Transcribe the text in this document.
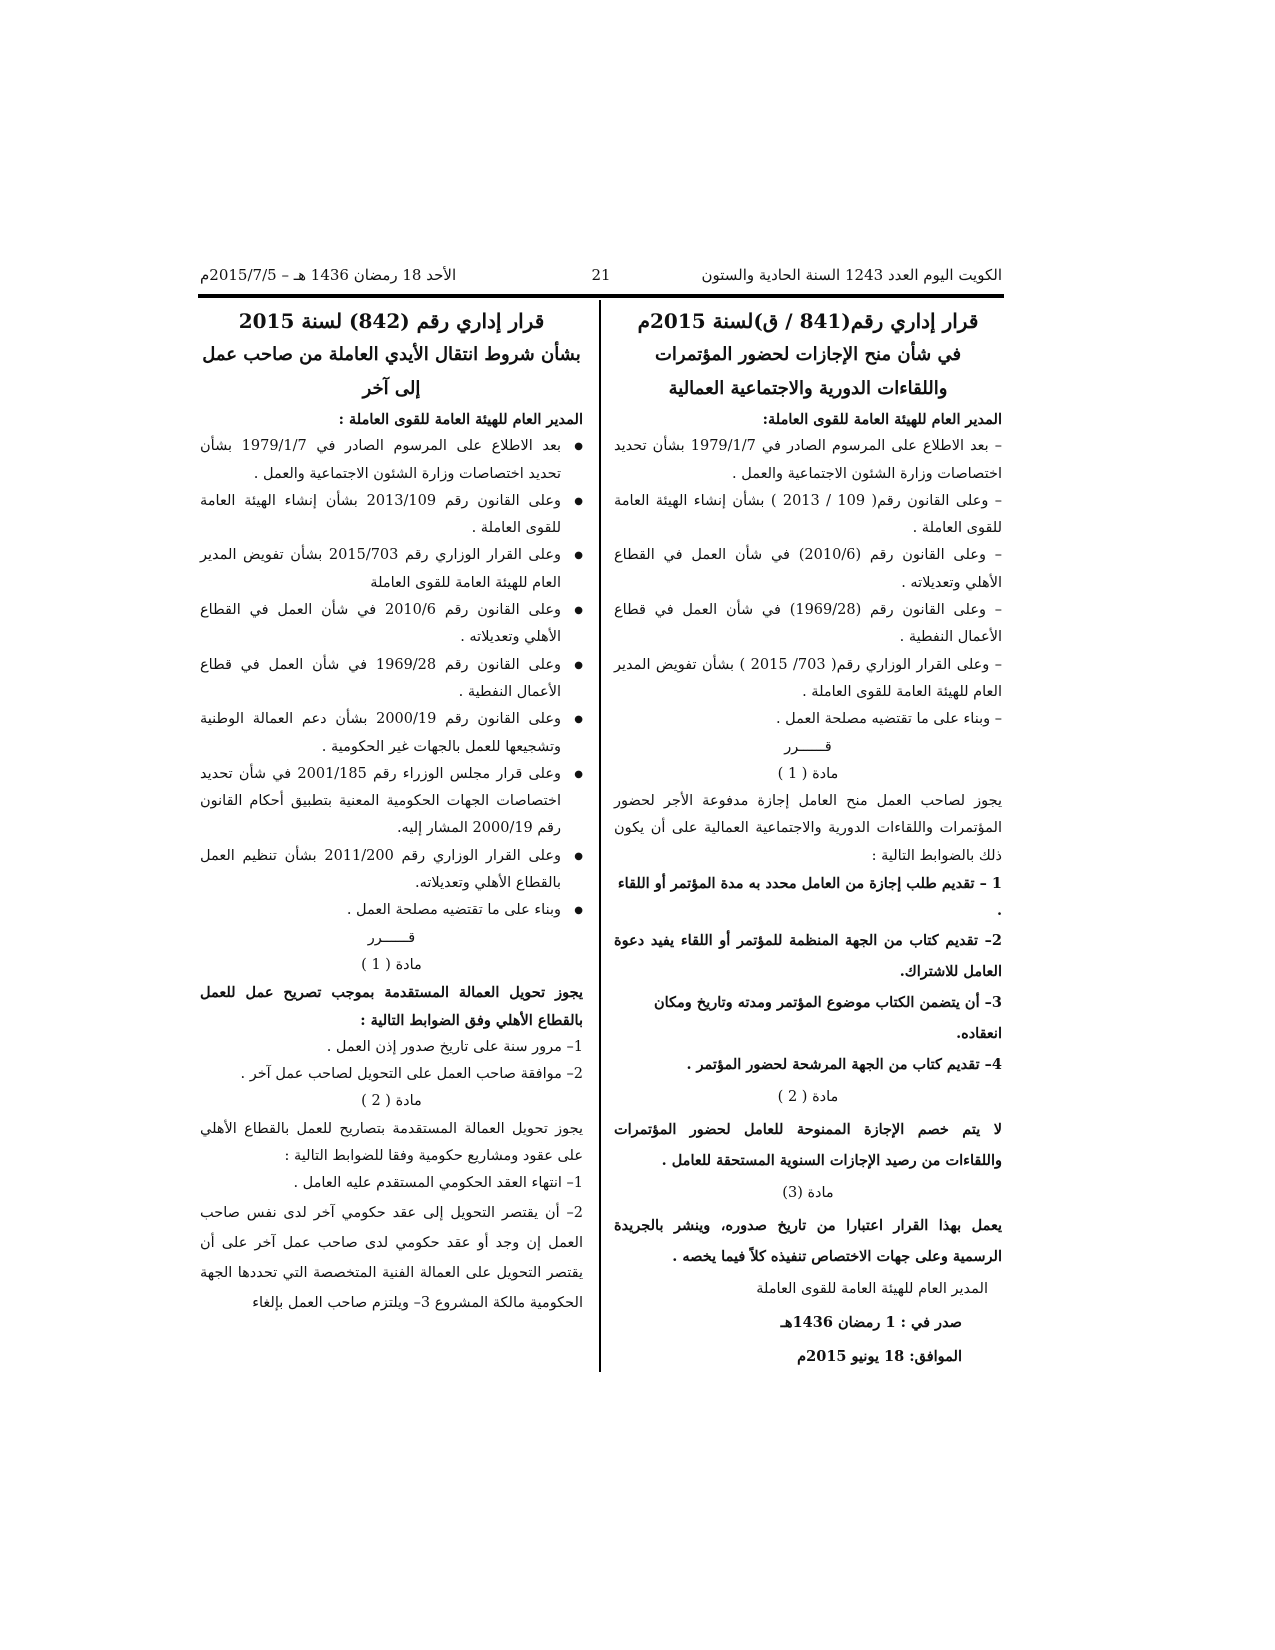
الكويت اليوم العدد 1243 السنة الحادية والستون
21
الأحد 18 رمضان 1436 هـ – 2015/7/5م
قرار إداري رقم(841 / ق)لسنة 2015م
في شأن منح الإجازات لحضور المؤتمرات
واللقاءات الدورية والاجتماعية العمالية

المدير العام للهيئة العامة للقوى العاملة:

– بعد الاطلاع على المرسوم الصادر في 1979/1/7 بشأن تحديد اختصاصات وزارة الشئون الاجتماعية والعمل .

– وعلى القانون رقم( 109 / 2013 ) بشأن إنشاء الهيئة العامة للقوى العاملة .

– وعلى القانون رقم (2010/6) في شأن العمل في القطاع الأهلي وتعديلاته .

– وعلى القانون رقم (1969/28) في شأن العمل في قطاع الأعمال النفطية .

– وعلى القرار الوزاري رقم( 703/ 2015 ) بشأن تفويض المدير العام للهيئة العامة للقوى العاملة .

– وبناء على ما تقتضيه مصلحة العمل .

قــــــرر

مادة ( 1 )

يجوز لصاحب العمل منح العامل إجازة مدفوعة الأجر لحضور المؤتمرات واللقاءات الدورية والاجتماعية العمالية على أن يكون ذلك بالضوابط التالية :

1 – تقديم طلب إجازة من العامل محدد به مدة المؤتمر أو اللقاء .

2– تقديم كتاب من الجهة المنظمة للمؤتمر أو اللقاء يفيد دعوة العامل للاشتراك.

3– أن يتضمن الكتاب موضوع المؤتمر ومدته وتاريخ ومكان انعقاده.

4– تقديم كتاب من الجهة المرشحة لحضور المؤتمر .

مادة ( 2 )

لا يتم خصم الإجازة الممنوحة للعامل لحضور المؤتمرات واللقاءات من رصيد الإجازات السنوية المستحقة للعامل .

مادة (3)

يعمل بهذا القرار اعتبارا من تاريخ صدوره، وينشر بالجريدة الرسمية وعلى جهات الاختصاص تنفيذه كلاً فيما يخصه .

المدير العام للهيئة العامة للقوى العاملة

صدر في : 1 رمضان 1436هـ

الموافق: 18 يونيو 2015م

قرار إداري رقم (842) لسنة 2015
بشأن شروط انتقال الأيدي العاملة من صاحب عمل
إلى آخر

المدير العام للهيئة العامة للقوى العاملة :

● بعد الاطلاع على المرسوم الصادر في 1979/1/7 بشأن تحديد اختصاصات وزارة الشئون الاجتماعية والعمل .

● وعلى القانون رقم 2013/109 بشأن إنشاء الهيئة العامة للقوى العاملة .

● وعلى القرار الوزاري رقم 2015/703 بشأن تفويض المدير العام للهيئة العامة للقوى العاملة

● وعلى القانون رقم 2010/6 في شأن العمل في القطاع الأهلي وتعديلاته .

● وعلى القانون رقم 1969/28 في شأن العمل في قطاع الأعمال النفطية .

● وعلى القانون رقم 2000/19 بشأن دعم العمالة الوطنية وتشجيعها للعمل بالجهات غير الحكومية .

● وعلى قرار مجلس الوزراء رقم 2001/185 في شأن تحديد اختصاصات الجهات الحكومية المعنية بتطبيق أحكام القانون رقم 2000/19 المشار إليه.

● وعلى القرار الوزاري رقم 2011/200 بشأن تنظيم العمل بالقطاع الأهلي وتعديلاته.

● وبناء على ما تقتضيه مصلحة العمل .

قــــــرر

مادة ( 1 )

يجوز تحويل العمالة المستقدمة بموجب تصريح عمل للعمل بالقطاع الأهلي وفق الضوابط التالية :

1– مرور سنة على تاريخ صدور إذن العمل .

2– موافقة صاحب العمل على التحويل لصاحب عمل آخر .

مادة ( 2 )

يجوز تحويل العمالة المستقدمة بتصاريح للعمل بالقطاع الأهلي على عقود ومشاريع حكومية وفقا للضوابط التالية :

1– انتهاء العقد الحكومي المستقدم عليه العامل .

2– أن يقتصر التحويل إلى عقد حكومي آخر لدى نفس صاحب العمل إن وجد أو عقد حكومي لدى صاحب عمل آخر على أن يقتصر التحويل على العمالة الفنية المتخصصة التي تحددها الجهة الحكومية مالكة المشروع 3– ويلتزم صاحب العمل بإلغاء
